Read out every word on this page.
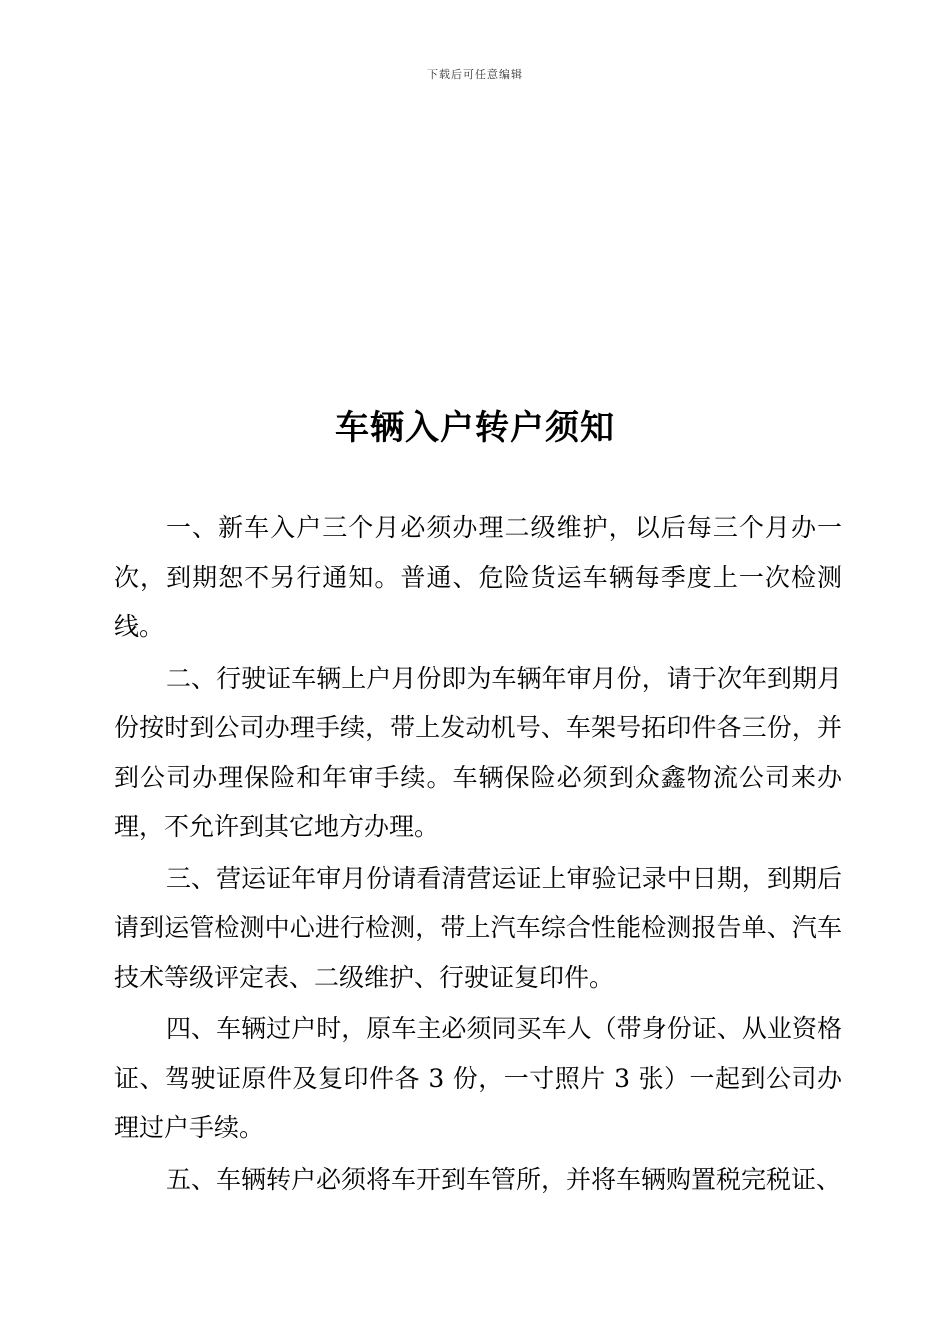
下载后可任意编辑
车辆入户转户须知

一、新车入户三个月必须办理二级维护，以后每三个月办一次，到期恕不另行通知。普通、危险货运车辆每季度上一次检测线。

二、行驶证车辆上户月份即为车辆年审月份，请于次年到期月份按时到公司办理手续，带上发动机号、车架号拓印件各三份，并到公司办理保险和年审手续。车辆保险必须到众鑫物流公司来办理，不允许到其它地方办理。

三、营运证年审月份请看清营运证上审验记录中日期，到期后请到运管检测中心进行检测，带上汽车综合性能检测报告单、汽车技术等级评定表、二级维护、行驶证复印件。

四、车辆过户时，原车主必须同买车人（带身份证、从业资格证、驾驶证原件及复印件各 3 份，一寸照片 3 张）一起到公司办理过户手续。

五、车辆转户必须将车开到车管所，并将车辆购置税完税证、
